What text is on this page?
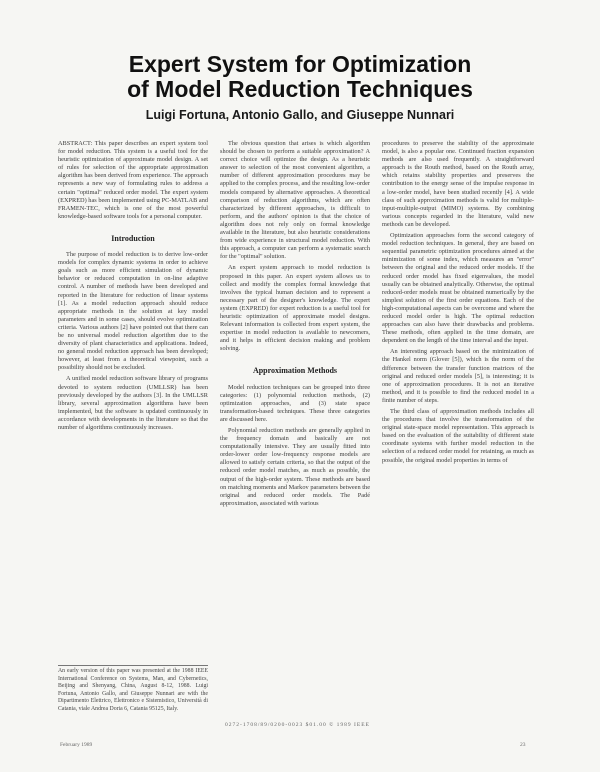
Expert System for Optimization
of Model Reduction Techniques
Luigi Fortuna, Antonio Gallo, and Giuseppe Nunnari

ABSTRACT: This paper describes an expert system tool for model reduction. This system is a useful tool for the heuristic optimization of approximate model design. A set of rules for selection of the appropriate approximation algorithm has been derived from experience. The approach represents a new way of formulating rules to address a certain "optimal" reduced order model. The expert system (EXPRED) has been implemented using PC-MATLAB and FRAMEN-TEC, which is one of the most powerful knowledge-based software tools for a personal computer.

Introduction

The purpose of model reduction is to derive low-order models for complex dynamic systems in order to achieve goals such as more efficient simulation of dynamic behavior or reduced computation in on-line adaptive control. A number of methods have been developed and reported in the literature for reduction of linear systems [1]. As a model reduction approach should reduce appropriate methods in the solution at key model parameters and in some cases, should evolve optimization criteria. Various authors [2] have pointed out that there can be no universal model reduction algorithm due to the diversity of plant characteristics and applications. Indeed, no general model reduction approach has been developed; however, at least from a theoretical viewpoint, such a possibility should not be excluded.

A unified model reduction software library of programs devoted to system reduction (UMLLSR) has been previously developed by the authors [3]. In the UMLLSR library, several approximation algorithms have been implemented, but the software is updated continuously in accordance with developments in the literature so that the number of algorithms continuously increases.

An early version of this paper was presented at the 1988 IEEE International Conference on Systems, Man, and Cybernetics, Beijing and Shenyang, China, August 8-12, 1988. Luigi Fortuna, Antonio Gallo, and Giuseppe Nunnari are with the Dipartimento Elettrico, Elettronico e Sistemistico, Università di Catania, viale Andrea Doria 6, Catania 95125, Italy.

The obvious question that arises is which algorithm should be chosen to perform a suitable approximation? A correct choice will optimize the design. As a heuristic answer to selection of the most convenient algorithm, a number of different approximation procedures may be applied to the complex process, and the resulting low-order models compared by alternative approaches. A theoretical comparison of reduction algorithms, which are often characterized by different approaches, is difficult to perform, and the authors' opinion is that the choice of algorithm does not rely only on formal knowledge available in the literature, but also heuristic considerations from wide experience in structural model reduction. With this approach, a computer can perform a systematic search for the "optimal" solution.

An expert system approach to model reduction is proposed in this paper. An expert system allows us to collect and modify the complex formal knowledge that involves the typical human decision and to represent a necessary part of the designer's knowledge. The expert system (EXPRED) for expert reduction is a useful tool for heuristic optimization of approximate model designs. Relevant information is collected from expert system, the expertise in model reduction is available to newcomers, and it helps in efficient decision making and problem solving.

Approximation Methods

Model reduction techniques can be grouped into three categories: (1) polynomial reduction methods, (2) optimization approaches, and (3) state space transformation-based techniques. These three categories are discussed here.

Polynomial reduction methods are generally applied in the frequency domain and basically are not computationally intensive. They are usually fitted into order-lower order low-frequency response models are allowed to satisfy certain criteria, so that the output of the reduced order model matches, as much as possible, the output of the high-order system. These methods are based on matching moments and Markov parameters between the original and reduced order models. The Padé approximation, associated with various

procedures to preserve the stability of the approximate model, is also a popular one. Continued fraction expansion methods are also used frequently. A straightforward approach is the Routh method, based on the Routh array, which retains stability properties and preserves the contribution to the energy sense of the impulse response in a low-order model, have been studied recently [4]. A wide class of such approximation methods is valid for multiple-input-multiple-output (MIMO) systems. By combining various concepts regarded in the literature, valid new methods can be developed.

Optimization approaches form the second category of model reduction techniques. In general, they are based on sequential parametric optimization procedures aimed at the minimization of some index, which measures an "error" between the original and the reduced order models. If the reduced order model has fixed eigenvalues, the model usually can be obtained analytically. Otherwise, the optimal reduced-order models must be obtained numerically by the simplest solution of the first order equations. Each of the high-computational aspects can be overcome and where the reduced model order is high. The optimal reduction approaches can also have their drawbacks and problems. These methods, often applied in the time domain, are dependent on the length of the time interval and the input.

An interesting approach based on the minimization of the Hankel norm (Glover [5]), which is the norm of the difference between the transfer function matrices of the original and reduced order models [5], is interesting; it is one of approximation procedures. It is not an iterative method, and it is possible to find the reduced model in a finite number of steps.

The third class of approximation methods includes all the procedures that involve the transformation of the original state-space model representation. This approach is based on the evaluation of the suitability of different state coordinate systems with further model reduction in the selection of a reduced order model for retaining, as much as possible, the original model properties in terms of

0272-1708/89/0200-0023 $01.00 © 1989 IEEE
February 1989	23
